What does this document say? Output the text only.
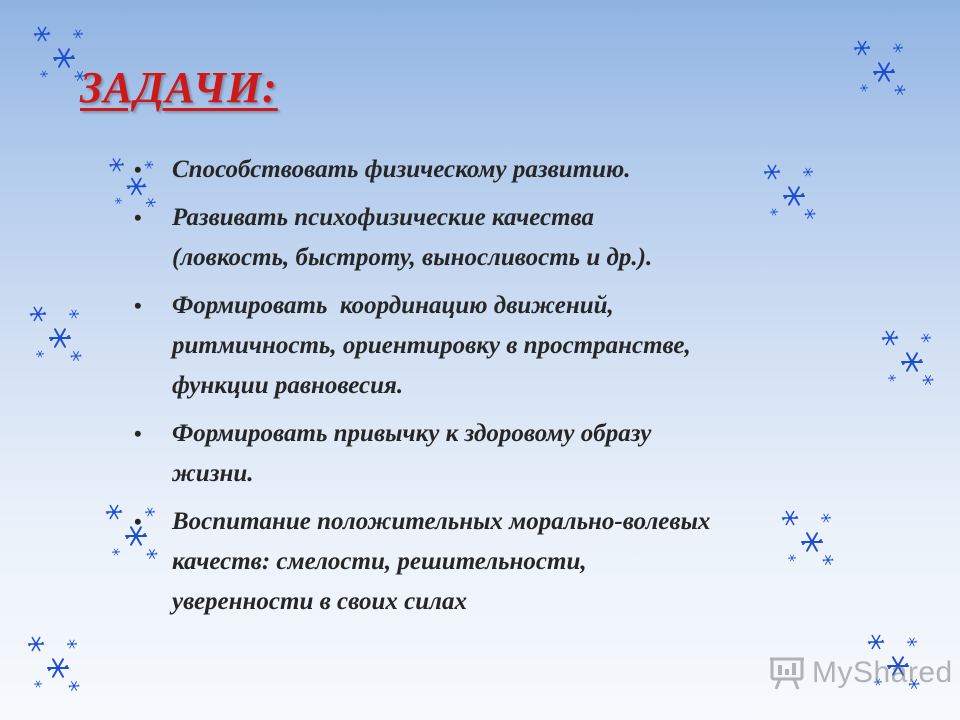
ЗАДАЧИ:
• Способствовать физическому развитию.
• Развивать психофизические качества
(ловкость, быстроту, выносливость и др.).
• Формировать  координацию движений,
ритмичность, ориентировку в пространстве,
функции равновесия.
• Формировать привычку к здоровому образу
жизни.
• Воспитание положительных морально-волевых
качеств: смелости, решительности,
уверенности в своих силах
MyShared
